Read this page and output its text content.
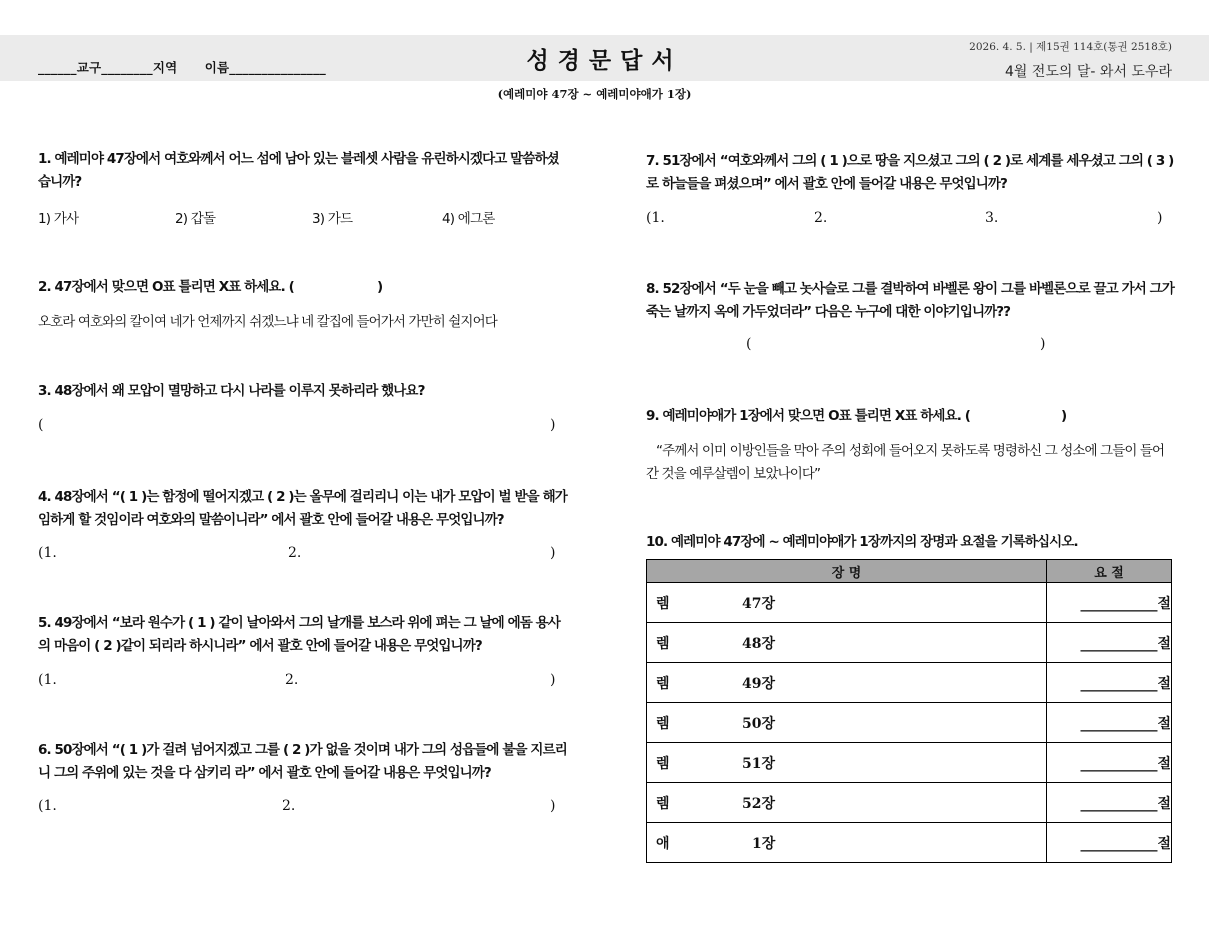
______교구________지역      이름_______________	성경문답서
(예레미야 47장 ~ 예레미야애가 1장)
2026. 4. 5. | 제15권 114호(통권 2518호)
4월 전도의 달- 와서 도우라
1. 예레미야 47장에서 여호와께서 어느 섬에 남아 있는 블레셋 사람을 유린하시겠다고 말씀하셨습니까?
1) 가사	2) 갑돌	3) 가드	4) 에그론
2. 47장에서 맞으면 O표 틀리면 X표 하세요. (	)
오호라 여호와의 칼이여 네가 언제까지 쉬겠느냐 네 칼집에 들어가서 가만히 쉴지어다
3. 48장에서 왜 모압이 멸망하고 다시 나라를 이루지 못하리라 했나요?
(	)
4. 48장에서 “( 1 )는 함정에 떨어지겠고 ( 2 )는 올무에 걸리리니 이는 내가 모압이 벌 받을 해가 임하게 할 것임이라 여호와의 말씀이니라” 에서 괄호 안에 들어갈 내용은 무엇입니까?
(1.	2.	)
5. 49장에서 “보라 원수가 ( 1 ) 같이 날아와서 그의 날개를 보스라 위에 펴는 그 날에 에돔 용사의 마음이 ( 2 )같이 되리라 하시니라” 에서 괄호 안에 들어갈 내용은 무엇입니까?
(1.	2.	)
6. 50장에서 “( 1 )가 걸려 넘어지겠고 그를 ( 2 )가 없을 것이며 내가 그의 성읍들에 불을 지르리니 그의 주위에 있는 것을 다 삼키리 라” 에서 괄호 안에 들어갈 내용은 무엇입니까?
(1.	2.	)
7. 51장에서 “여호와께서 그의 ( 1 )으로 땅을 지으셨고 그의 ( 2 )로 세계를 세우셨고 그의 ( 3 )로 하늘들을 펴셨으며” 에서 괄호 안에 들어갈 내용은 무엇입니까?
(1.	2.	3.	)
8. 52장에서 “두 눈을 빼고 놋사슬로 그를 결박하여 바벨론 왕이 그를 바벨론으로 끌고 가서 그가 죽는 날까지 옥에 가두었더라” 다음은 누구에 대한 이야기입니까??
(	)
9. 예레미야애가 1장에서 맞으면 O표 틀리면 X표 하세요. (	)
“주께서 이미 이방인들을 막아 주의 성회에 들어오지 못하도록 명령하신 그 성소에 그들이 들어간 것을 예루살렘이 보았나이다”
10. 예레미야 47장에 ~ 예레미야애가 1장까지의 장명과 요절을 기록하십시오.
장 명	요 절
렘 47장	___________절
렘 48장	___________절
렘 49장	___________절
렘 50장	___________절
렘 51장	___________절
렘 52장	___________절
애 1장	___________절
